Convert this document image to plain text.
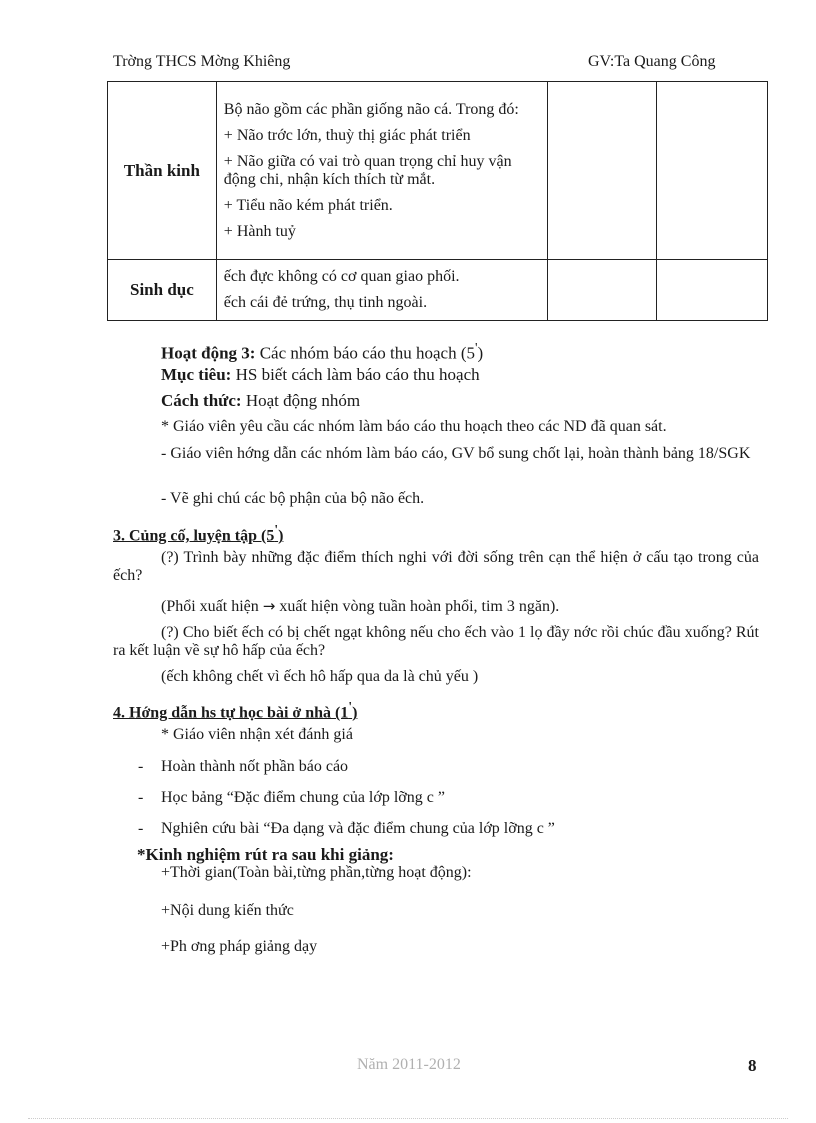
Trờng THCS Mờng Khiêng	GV:Ta Quang Công
Thần kinh	Bộ não gồm các phần giống não cá. Trong đó:

+ Não trớc lớn, thuỳ thị giác phát triển

+ Não giữa có vai trò quan trọng chỉ huy vận động chi, nhận kích thích từ mắt.

+ Tiểu não kém phát triển.

+ Hành tuỷ		

Sinh dục	ếch đực không có cơ quan giao phối.

ếch cái đẻ trứng, thụ tinh ngoài.		

Hoạt động 3: Các nhóm báo cáo thu hoạch (5')
Mục tiêu: HS biết cách làm báo cáo thu hoạch
Cách thức: Hoạt động nhóm
* Giáo viên yêu cầu các nhóm làm báo cáo thu hoạch theo các ND đã quan sát.
- Giáo viên hớng dẫn các nhóm làm báo cáo, GV bổ sung chốt lại, hoàn thành bảng 18/SGK
- Vẽ ghi chú các bộ phận của bộ não ếch.
3. Củng cố, luyện tập (5')
(?) Trình bày những đặc điểm thích nghi với đời sống trên cạn thể hiện ở cấu tạo trong của ếch?
(Phổi xuất hiện → xuất hiện vòng tuần hoàn phổi, tim 3 ngăn).
(?) Cho biết ếch có bị chết ngạt không nếu cho ếch vào 1 lọ đầy nớc rồi chúc đầu xuống? Rút ra kết luận về sự hô hấp của ếch?
(ếch không chết vì ếch hô hấp qua da là chủ yếu )
4. Hớng dẫn hs tự học bài ở nhà (1')
* Giáo viên nhận xét đánh giá
- Hoàn thành nốt phần báo cáo
- Học bảng “Đặc điểm chung của lớp lỡng c ”
- Nghiên cứu bài “Đa dạng và đặc điểm chung của lớp lỡng c ”
*Kinh nghiệm rút ra sau khi giảng:
+Thời gian(Toàn bài,từng phần,từng hoạt động):
+Nội dung kiến thức
+Ph ơng pháp giảng dạy
Năm 2011-2012	8
